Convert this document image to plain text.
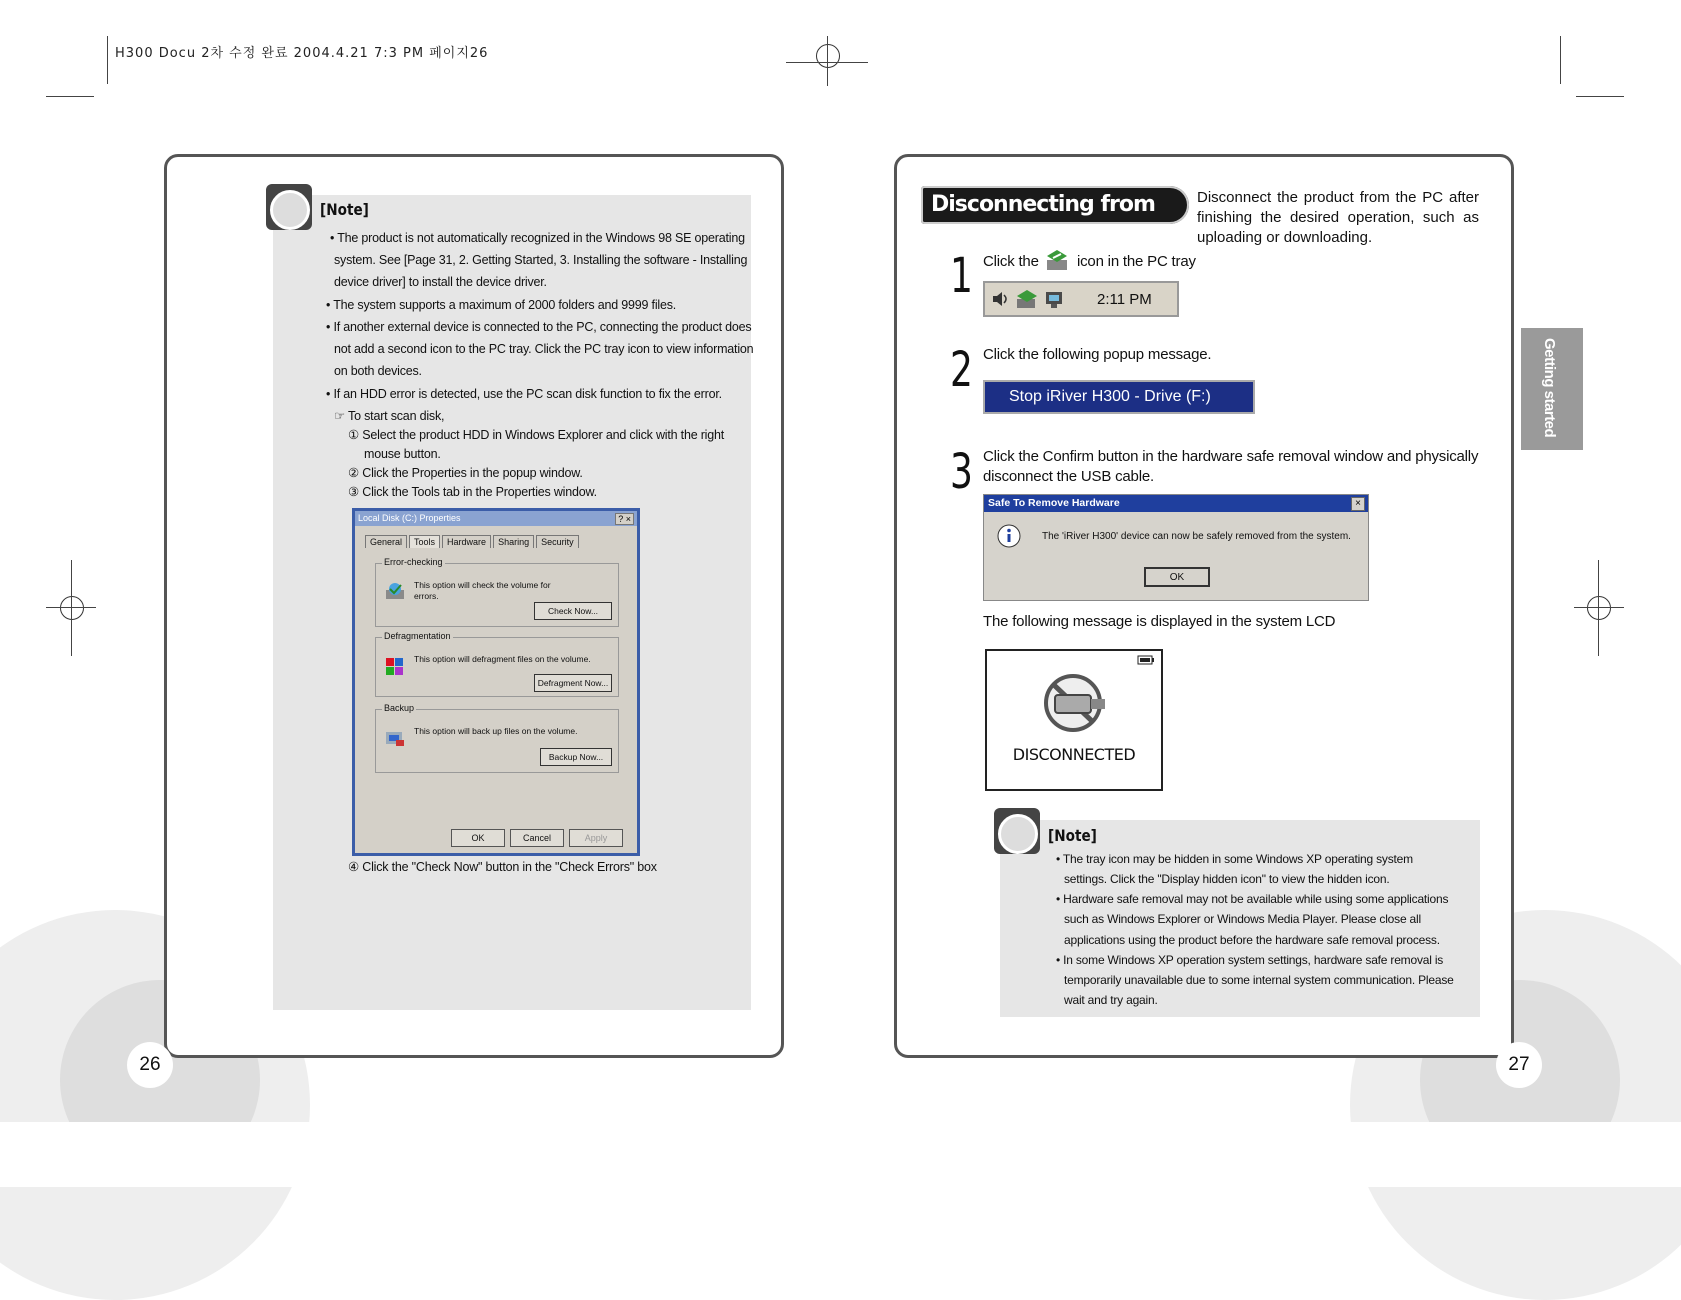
H300 Docu 2차 수정 완료 2004.4.21 7:3 PM 페이지26
[Note]
• The product is not automatically recognized in the Windows 98 SE operating
system. See [Page 31, 2. Getting Started, 3. Installing the software - Installing
device driver] to install the device driver.
• The system supports a maximum of 2000 folders and 9999 files.
• If another external device is connected to the PC, connecting the product does
not add a second icon to the PC tray. Click the PC tray icon to view information
on both devices.
• If an HDD error is detected, use the PC scan disk function to fix the error.
☞ To start scan disk,
① Select the product HDD in Windows Explorer and click with the right
mouse button.
② Click the Properties in the popup window.
③ Click the Tools tab in the Properties window.
Local Disk (C:) Properties	? ×
General Tools Hardware Sharing Security
Error-checking
This option will check the volume for errors.
Check Now...
Defragmentation
This option will defragment files on the volume.
Defragment Now...
Backup
This option will back up files on the volume.
Backup Now...
OK	Cancel	Apply
④ Click the "Check Now" button in the "Check Errors" box
26
Disconnecting from the PC
Disconnect the product from the PC after finishing the desired operation, such as uploading or downloading.
1 Click the	icon in the PC tray
2:11 PM
2 Click the following popup message.
Stop iRiver H300 - Drive (F:)
3 Click the Confirm button in the hardware safe removal window and physically
disconnect the USB cable.
Safe To Remove Hardware	×
The 'iRiver H300' device can now be safely removed from the system.
OK
The following message is displayed in the system LCD
DISCONNECTED
[Note]
• The tray icon may be hidden in some Windows XP operating system
settings. Click the "Display hidden icon" to view the hidden icon.
• Hardware safe removal may not be available while using some applications
such as Windows Explorer or Windows Media Player. Please close all
applications using the product before the hardware safe removal process.
• In some Windows XP operation system settings, hardware safe removal is
temporarily unavailable due to some internal system communication. Please
wait and try again.
Getting started
27
